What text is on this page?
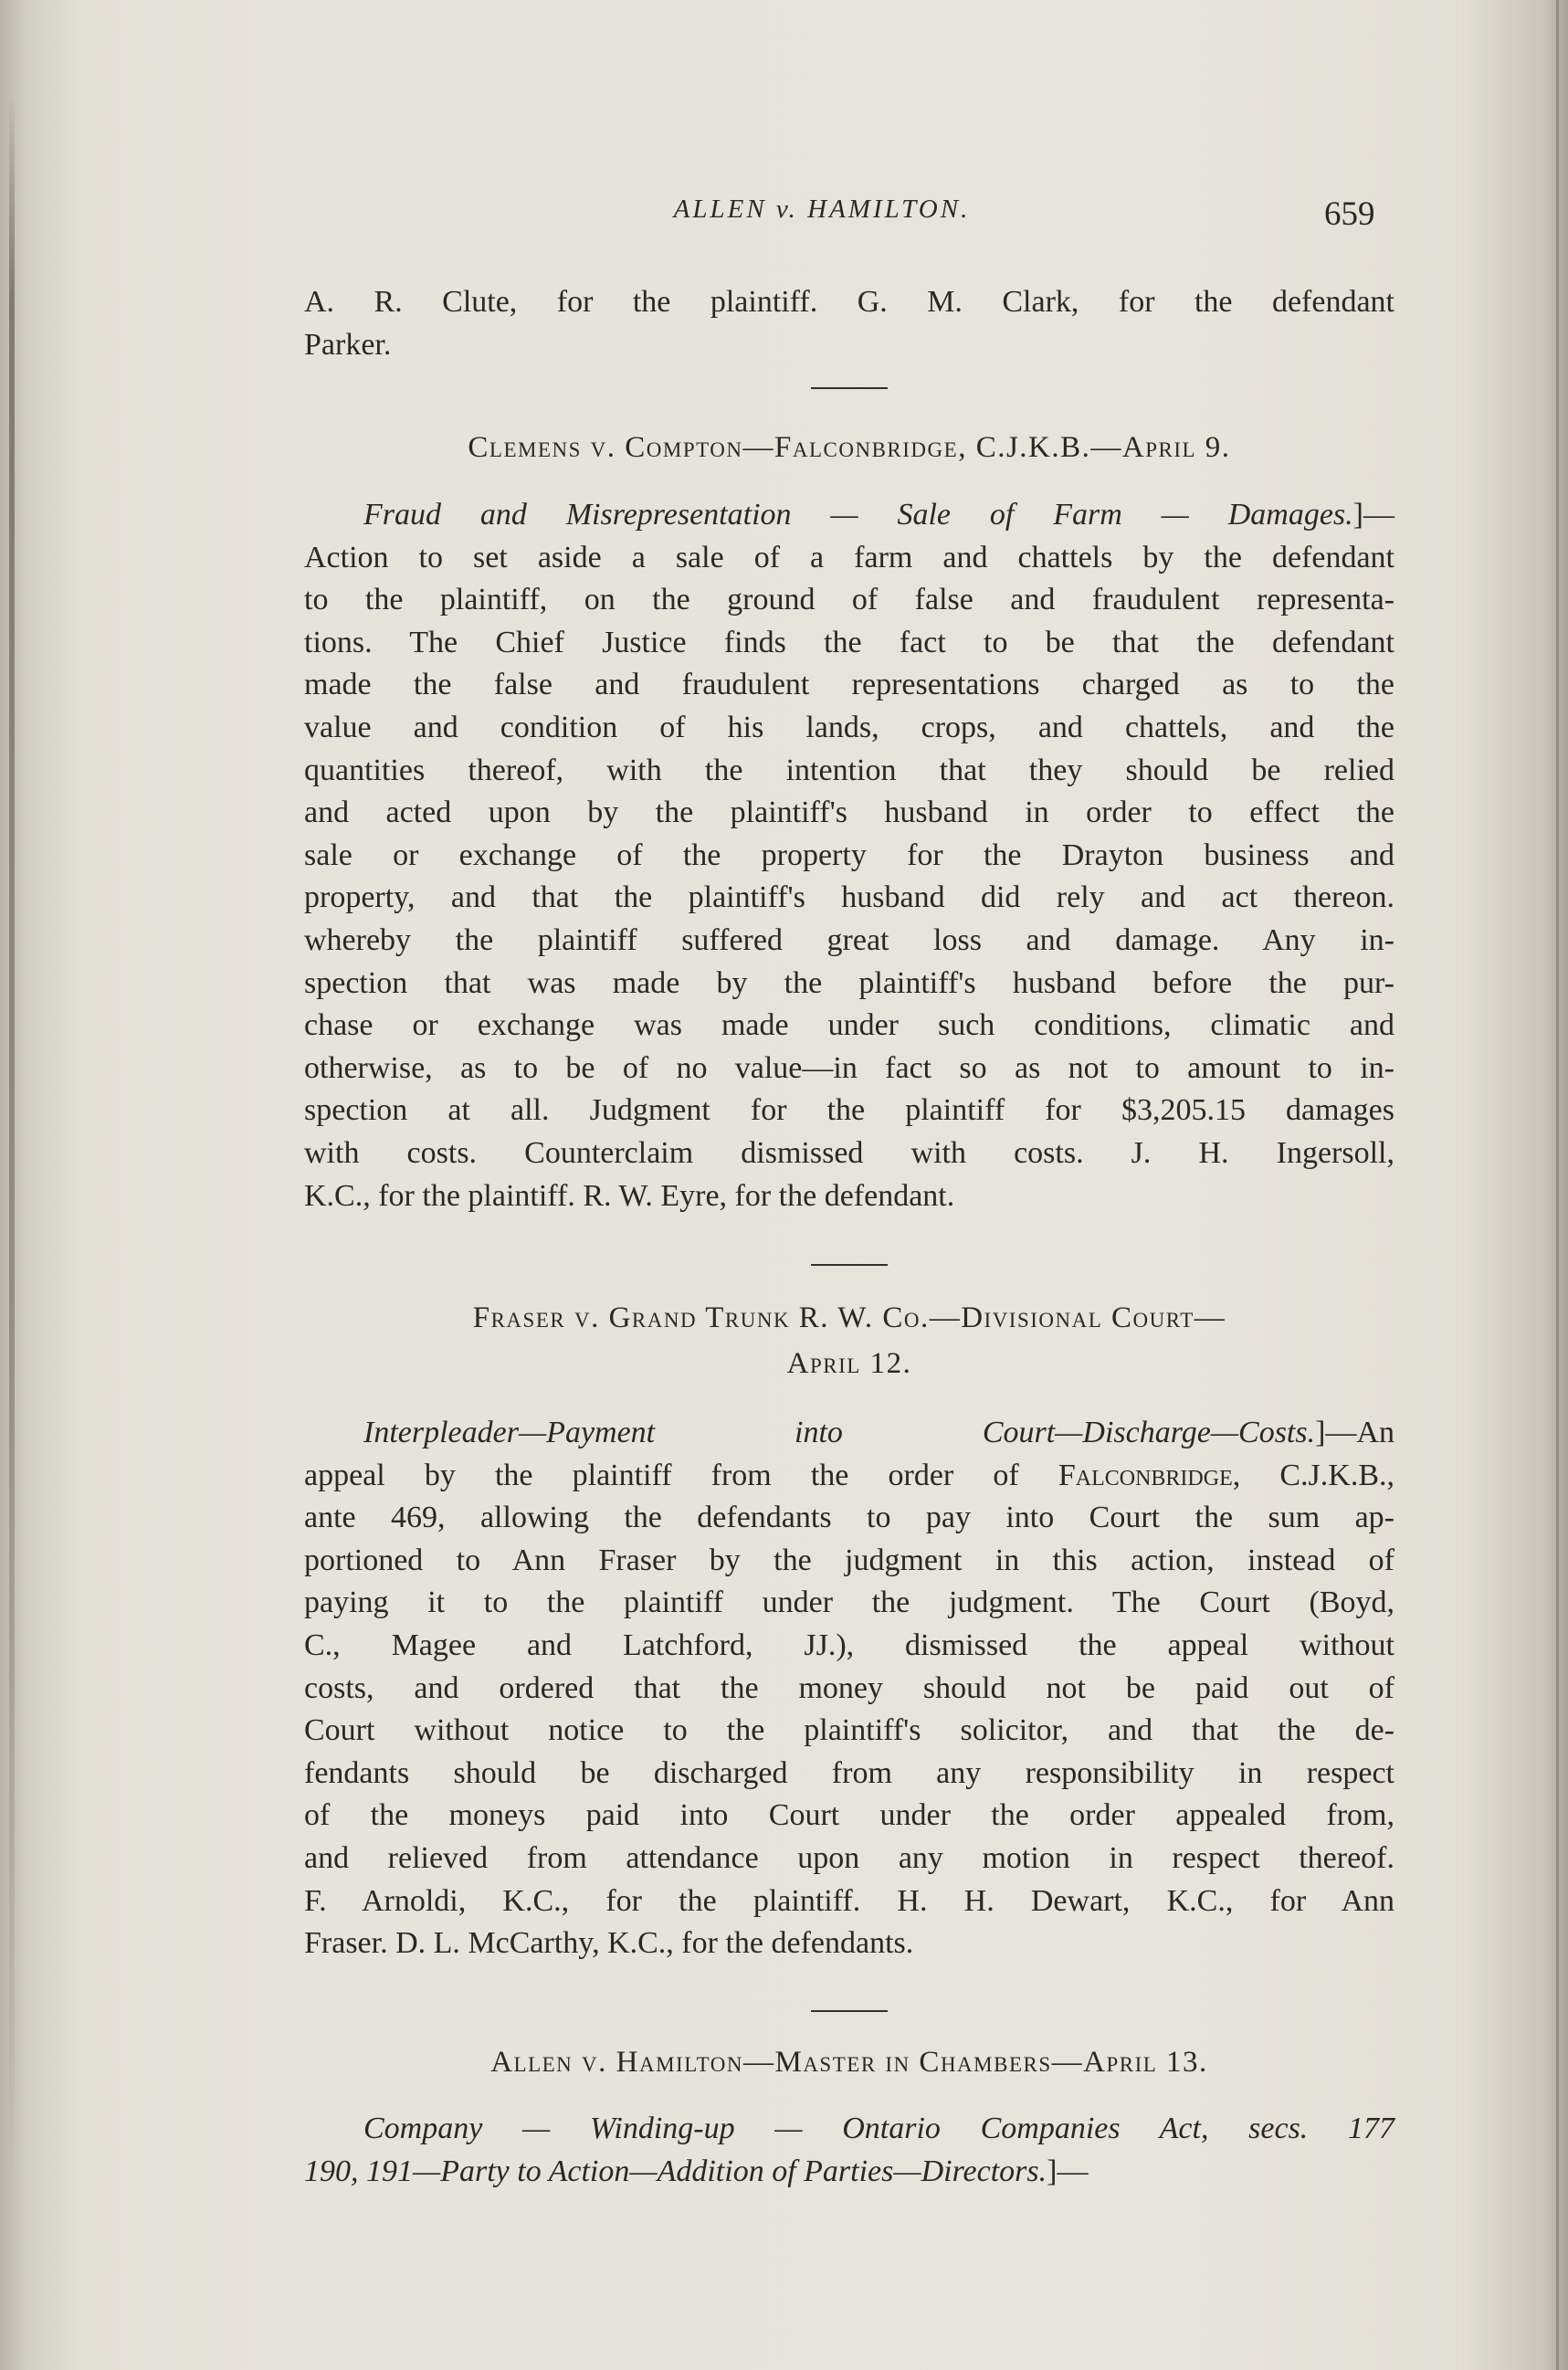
ALLEN v. HAMILTON.	659
A. R. Clute, for the plaintiff. G. M. Clark, for the defendant
Parker.
Clemens v. Compton—Falconbridge, C.J.K.B.—April 9.
Fraud and Misrepresentation — Sale of Farm — Damages.]—
Action to set aside a sale of a farm and chattels by the defendant
to the plaintiff, on the ground of false and fraudulent representa-
tions. The Chief Justice finds the fact to be that the defendant
made the false and fraudulent representations charged as to the
value and condition of his lands, crops, and chattels, and the
quantities thereof, with the intention that they should be relied
and acted upon by the plaintiff's husband in order to effect the
sale or exchange of the property for the Drayton business and
property, and that the plaintiff's husband did rely and act thereon.
whereby the plaintiff suffered great loss and damage. Any in-
spection that was made by the plaintiff's husband before the pur-
chase or exchange was made under such conditions, climatic and
otherwise, as to be of no value—in fact so as not to amount to in-
spection at all. Judgment for the plaintiff for $3,205.15 damages
with costs. Counterclaim dismissed with costs. J. H. Ingersoll,
K.C., for the plaintiff. R. W. Eyre, for the defendant.
Fraser v. Grand Trunk R. W. Co.—Divisional Court—
April 12.
Interpleader—Payment into Court—Discharge—Costs.]—An
appeal by the plaintiff from the order of Falconbridge, C.J.K.B.,
ante 469, allowing the defendants to pay into Court the sum ap-
portioned to Ann Fraser by the judgment in this action, instead of
paying it to the plaintiff under the judgment. The Court (Boyd,
C., Magee and Latchford, JJ.), dismissed the appeal without
costs, and ordered that the money should not be paid out of
Court without notice to the plaintiff's solicitor, and that the de-
fendants should be discharged from any responsibility in respect
of the moneys paid into Court under the order appealed from,
and relieved from attendance upon any motion in respect thereof.
F. Arnoldi, K.C., for the plaintiff. H. H. Dewart, K.C., for Ann
Fraser. D. L. McCarthy, K.C., for the defendants.
Allen v. Hamilton—Master in Chambers—April 13.
Company — Winding-up — Ontario Companies Act, secs. 177
190, 191—Party to Action—Addition of Parties—Directors.]—
